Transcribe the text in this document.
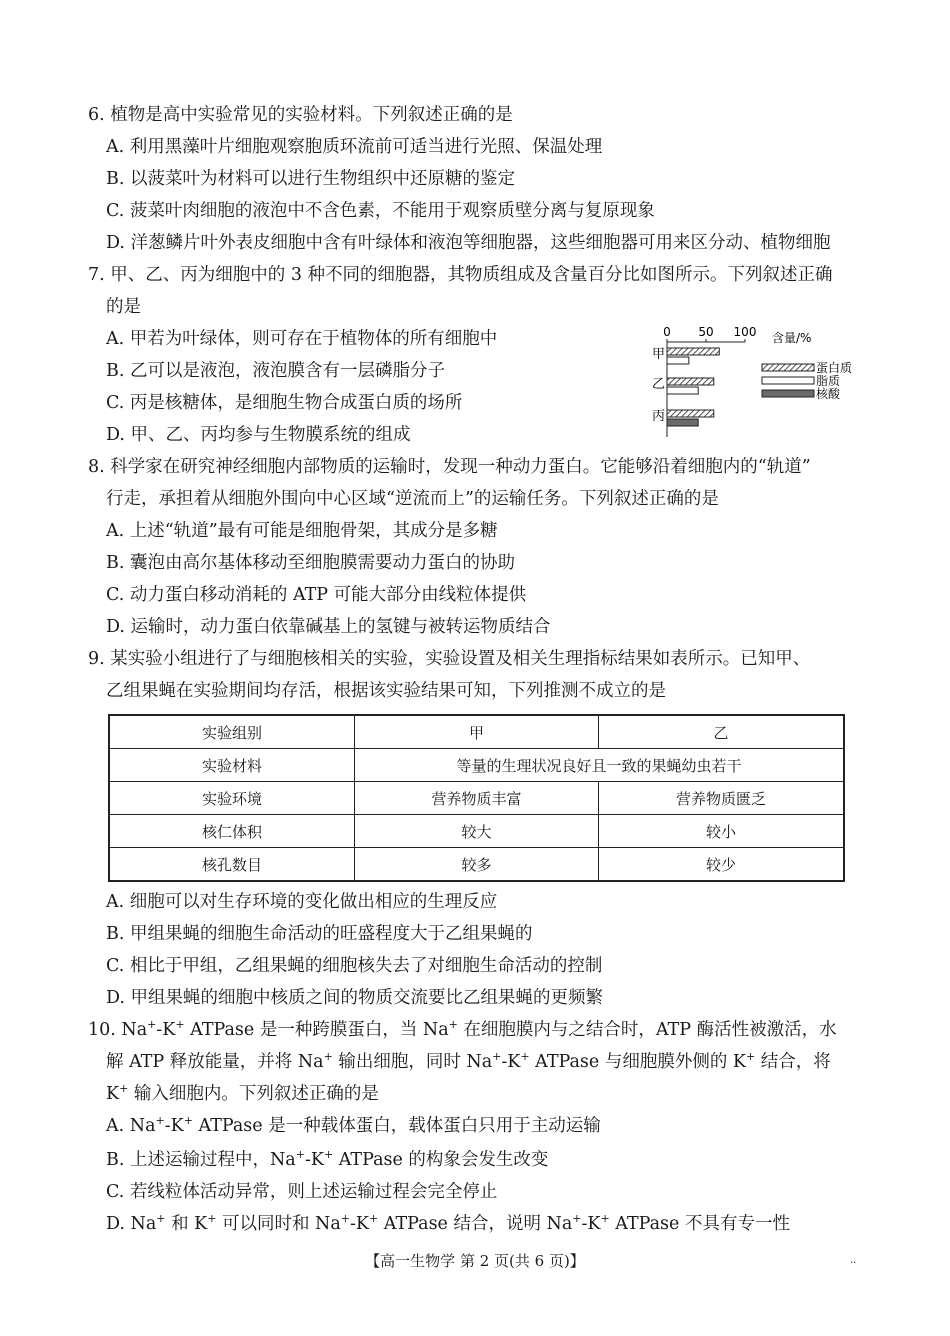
6. 植物是高中实验常见的实验材料。下列叙述正确的是
A. 利用黑藻叶片细胞观察胞质环流前可适当进行光照、保温处理
B. 以菠菜叶为材料可以进行生物组织中还原糖的鉴定
C. 菠菜叶肉细胞的液泡中不含色素，不能用于观察质壁分离与复原现象
D. 洋葱鳞片叶外表皮细胞中含有叶绿体和液泡等细胞器，这些细胞器可用来区分动、植物细胞
7. 甲、乙、丙为细胞中的 3 种不同的细胞器，其物质组成及含量百分比如图所示。下列叙述正确
的是
A. 甲若为叶绿体，则可存在于植物体的所有细胞中
B. 乙可以是液泡，液泡膜含有一层磷脂分子
C. 丙是核糖体，是细胞生物合成蛋白质的场所
D. 甲、乙、丙均参与生物膜系统的组成
0 50 100
甲
乙
丙
蛋白质
脂质
核酸
含量/%
8. 科学家在研究神经细胞内部物质的运输时，发现一种动力蛋白。它能够沿着细胞内的“轨道”
行走，承担着从细胞外围向中心区域“逆流而上”的运输任务。下列叙述正确的是
A. 上述“轨道”最有可能是细胞骨架，其成分是多糖
B. 囊泡由高尔基体移动至细胞膜需要动力蛋白的协助
C. 动力蛋白移动消耗的 ATP 可能大部分由线粒体提供
D. 运输时，动力蛋白依靠碱基上的氢键与被转运物质结合
9. 某实验小组进行了与细胞核相关的实验，实验设置及相关生理指标结果如表所示。已知甲、
乙组果蝇在实验期间均存活，根据该实验结果可知，下列推测不成立的是
实验组别	甲	乙
实验材料	等量的生理状况良好且一致的果蝇幼虫若干	
实验环境	营养物质丰富	营养物质匮乏
核仁体积	较大	较小
核孔数目	较多	较少
A. 细胞可以对生存环境的变化做出相应的生理反应
B. 甲组果蝇的细胞生命活动的旺盛程度大于乙组果蝇的
C. 相比于甲组，乙组果蝇的细胞核失去了对细胞生命活动的控制
D. 甲组果蝇的细胞中核质之间的物质交流要比乙组果蝇的更频繁
10. Na+-K+ ATPase 是一种跨膜蛋白，当 Na+ 在细胞膜内与之结合时，ATP 酶活性被激活，水
解 ATP 释放能量，并将 Na+ 输出细胞，同时 Na+-K+ ATPase 与细胞膜外侧的 K+ 结合，将
K+ 输入细胞内。下列叙述正确的是
A. Na+-K+ ATPase 是一种载体蛋白，载体蛋白只用于主动运输
B. 上述运输过程中，Na+-K+ ATPase 的构象会发生改变
C. 若线粒体活动异常，则上述运输过程会完全停止
D. Na+ 和 K+ 可以同时和 Na+-K+ ATPase 结合，说明 Na+-K+ ATPase 不具有专一性
【高一生物学 第 2 页(共 6 页)】	··
